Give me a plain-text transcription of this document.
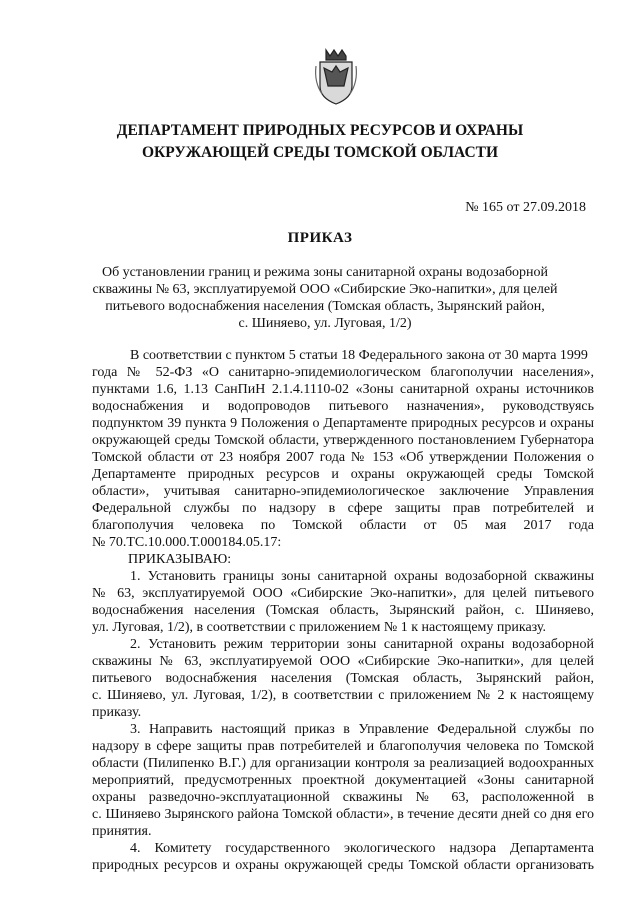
ДЕПАРТАМЕНТ ПРИРОДНЫХ РЕСУРСОВ И ОХРАНЫ
ОКРУЖАЮЩЕЙ СРЕДЫ ТОМСКОЙ ОБЛАСТИ
№ 165 от 27.09.2018
ПРИКАЗ
Об установлении границ и режима зоны санитарной охраны водозаборной
скважины № 63, эксплуатируемой ООО «Сибирские Эко-напитки», для целей
питьевого водоснабжения населения (Томская область, Зырянский район,
с. Шиняево, ул. Луговая, 1/2)
В соответствии с пунктом 5 статьи 18 Федерального закона от 30 марта 1999
года № 52-ФЗ «О санитарно-эпидемиологическом благополучии населения»,
пунктами 1.6, 1.13 СанПиН 2.1.4.1110-02 «Зоны санитарной охраны источников
водоснабжения и водопроводов питьевого назначения», руководствуясь
подпунктом 39 пункта 9 Положения о Департаменте природных ресурсов и охраны
окружающей среды Томской области, утвержденного постановлением Губернатора
Томской области от 23 ноября 2007 года № 153 «Об утверждении Положения о
Департаменте природных ресурсов и охраны окружающей среды Томской
области», учитывая санитарно-эпидемиологическое заключение Управления
Федеральной службы по надзору в сфере защиты прав потребителей и
благополучия человека по Томской области от 05 мая 2017 года
№ 70.ТС.10.000.Т.000184.05.17:
ПРИКАЗЫВАЮ:
1. Установить границы зоны санитарной охраны водозаборной скважины
№ 63, эксплуатируемой ООО «Сибирские Эко-напитки», для целей питьевого
водоснабжения населения (Томская область, Зырянский район, с. Шиняево,
ул. Луговая, 1/2), в соответствии с приложением № 1 к настоящему приказу.
2. Установить режим территории зоны санитарной охраны водозаборной
скважины № 63, эксплуатируемой ООО «Сибирские Эко-напитки», для целей
питьевого водоснабжения населения (Томская область, Зырянский район,
с. Шиняево, ул. Луговая, 1/2), в соответствии с приложением № 2 к настоящему
приказу.
3. Направить настоящий приказ в Управление Федеральной службы по
надзору в сфере защиты прав потребителей и благополучия человека по Томской
области (Пилипенко В.Г.) для организации контроля за реализацией водоохранных
мероприятий, предусмотренных проектной документацией «Зоны санитарной
охраны разведочно-эксплуатационной скважины № 63, расположенной в
с. Шиняево Зырянского района Томской области», в течение десяти дней со дня его
принятия.
4. Комитету государственного экологического надзора Департамента
природных ресурсов и охраны окружающей среды Томской области организовать
